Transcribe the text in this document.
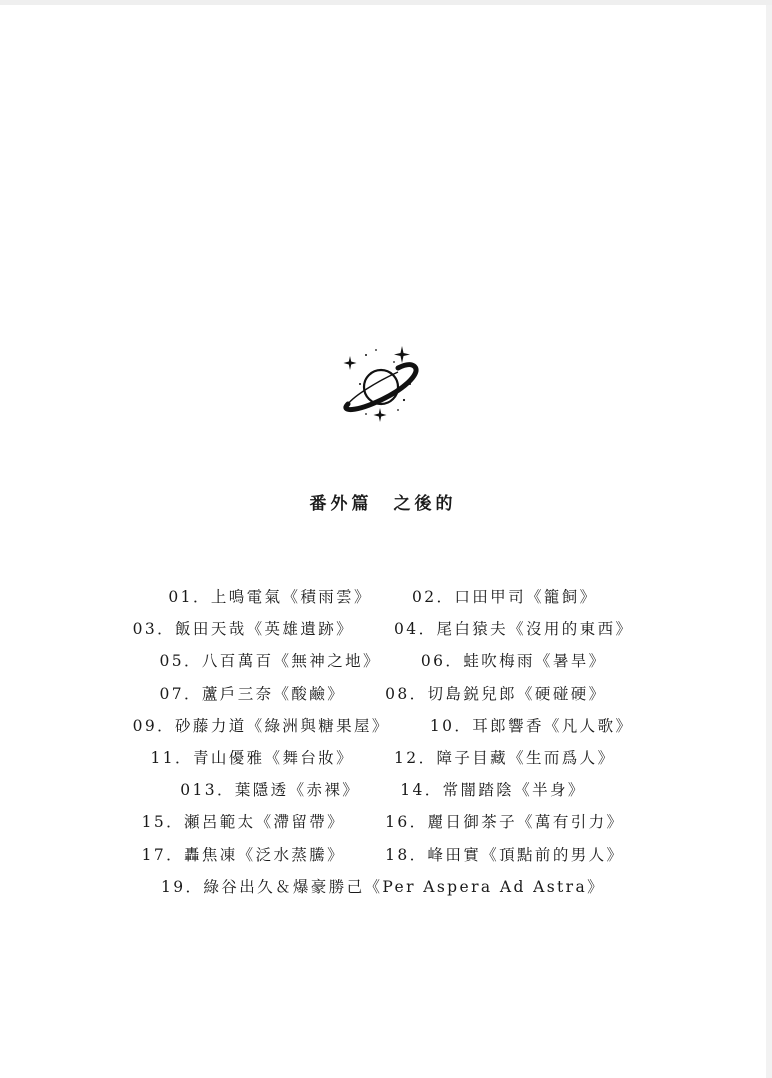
番外篇　之後的
01．上鳴電氣《積雨雲》	02．口田甲司《籠飼》
03．飯田天哉《英雄遺跡》	04．尾白猿夫《沒用的東西》
05．八百萬百《無神之地》	06．蛙吹梅雨《暑旱》
07．蘆戶三奈《酸鹼》	08．切島鋭兒郎《硬碰硬》
09．砂藤力道《綠洲與糖果屋》	10．耳郎響香《凡人歌》
11．青山優雅《舞台妝》	12．障子目藏《生而爲人》
013．葉隱透《赤裸》	14．常闇踏陰《半身》
15．瀬呂範太《滯留帶》	16．麗日御茶子《萬有引力》
17．轟焦凍《泛水蒸騰》	18．峰田實《頂點前的男人》
19．綠谷出久＆爆豪勝己《Per Aspera Ad Astra》
